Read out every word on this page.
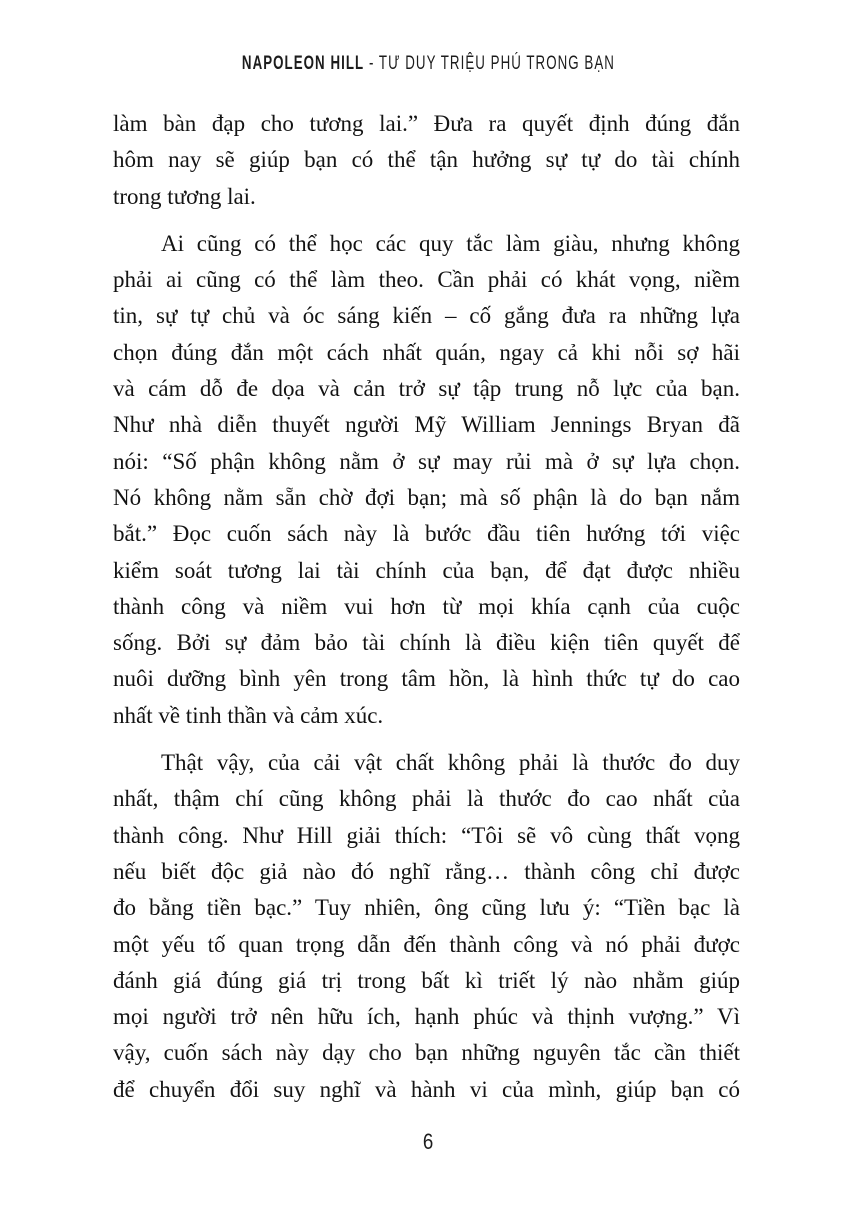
NAPOLEON HILL - TƯ DUY TRIỆU PHÚ TRONG BẠN
làm bàn đạp cho tương lai.” Đưa ra quyết định đúng đắn
hôm nay sẽ giúp bạn có thể tận hưởng sự tự do tài chính
trong tương lai.
Ai cũng có thể học các quy tắc làm giàu, nhưng không
phải ai cũng có thể làm theo. Cần phải có khát vọng, niềm
tin, sự tự chủ và óc sáng kiến – cố gắng đưa ra những lựa
chọn đúng đắn một cách nhất quán, ngay cả khi nỗi sợ hãi
và cám dỗ đe dọa và cản trở sự tập trung nỗ lực của bạn.
Như nhà diễn thuyết người Mỹ William Jennings Bryan đã
nói: “Số phận không nằm ở sự may rủi mà ở sự lựa chọn.
Nó không nằm sẵn chờ đợi bạn; mà số phận là do bạn nắm
bắt.” Đọc cuốn sách này là bước đầu tiên hướng tới việc
kiểm soát tương lai tài chính của bạn, để đạt được nhiều
thành công và niềm vui hơn từ mọi khía cạnh của cuộc
sống. Bởi sự đảm bảo tài chính là điều kiện tiên quyết để
nuôi dưỡng bình yên trong tâm hồn, là hình thức tự do cao
nhất về tinh thần và cảm xúc.
Thật vậy, của cải vật chất không phải là thước đo duy
nhất, thậm chí cũng không phải là thước đo cao nhất của
thành công. Như Hill giải thích: “Tôi sẽ vô cùng thất vọng
nếu biết độc giả nào đó nghĩ rằng… thành công chỉ được
đo bằng tiền bạc.” Tuy nhiên, ông cũng lưu ý: “Tiền bạc là
một yếu tố quan trọng dẫn đến thành công và nó phải được
đánh giá đúng giá trị trong bất kì triết lý nào nhằm giúp
mọi người trở nên hữu ích, hạnh phúc và thịnh vượng.” Vì
vậy, cuốn sách này dạy cho bạn những nguyên tắc cần thiết
để chuyển đổi suy nghĩ và hành vi của mình, giúp bạn có
6
